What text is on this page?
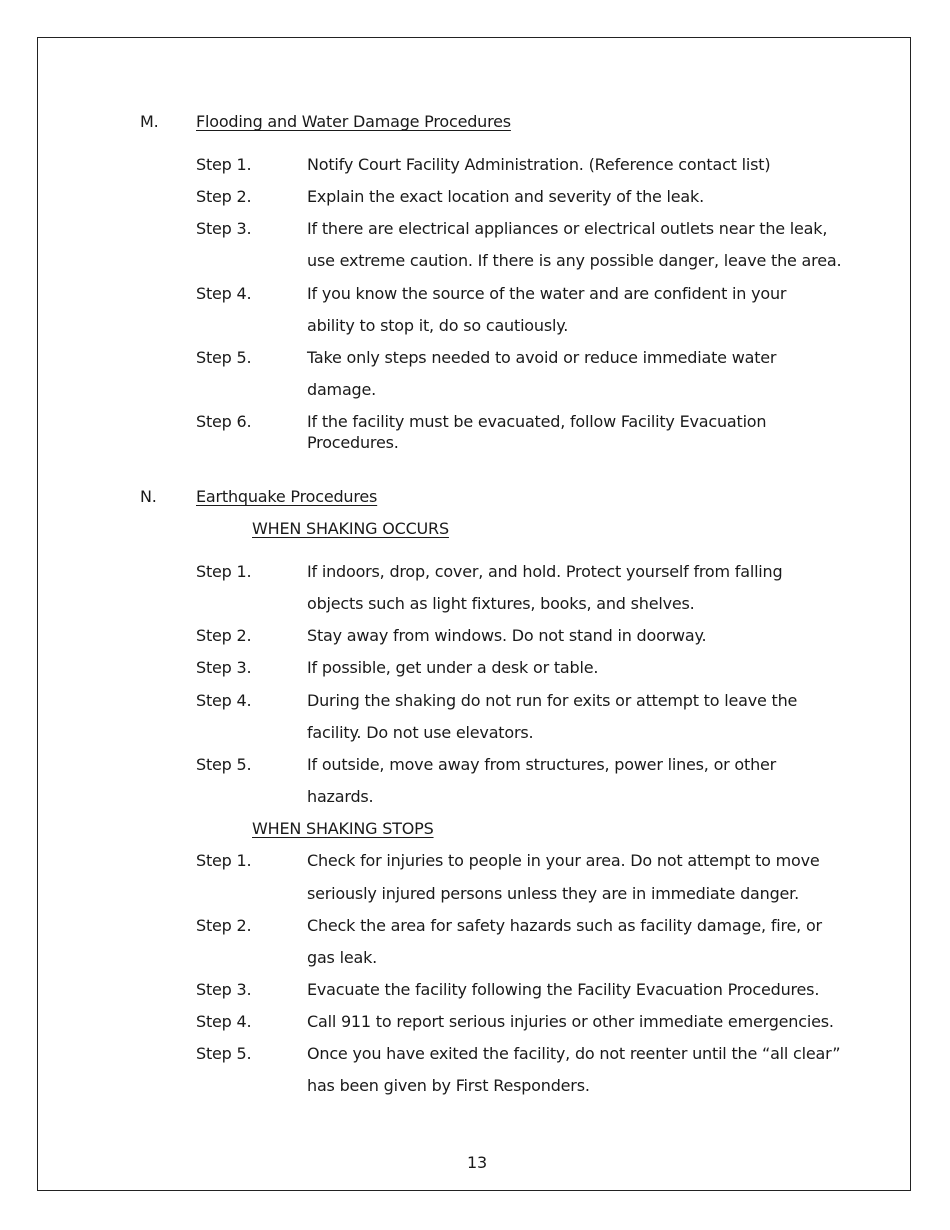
M. Flooding and Water Damage Procedures
Step 1.	Notify Court Facility Administration. (Reference contact list)
Step 2.	Explain the exact location and severity of the leak.
Step 3.	If there are electrical appliances or electrical outlets near the leak,
use extreme caution. If there is any possible danger, leave the area.
Step 4.	If you know the source of the water and are confident in your
ability to stop it, do so cautiously.
Step 5.	Take only steps needed to avoid or reduce immediate water
damage.
Step 6.	If the facility must be evacuated, follow Facility Evacuation
Procedures.
N. Earthquake Procedures
WHEN SHAKING OCCURS
Step 1.	If indoors, drop, cover, and hold. Protect yourself from falling
objects such as light fixtures, books, and shelves.
Step 2.	Stay away from windows. Do not stand in doorway.
Step 3.	If possible, get under a desk or table.
Step 4.	During the shaking do not run for exits or attempt to leave the
facility. Do not use elevators.
Step 5.	If outside, move away from structures, power lines, or other
hazards.
WHEN SHAKING STOPS
Step 1.	Check for injuries to people in your area. Do not attempt to move
seriously injured persons unless they are in immediate danger.
Step 2.	Check the area for safety hazards such as facility damage, fire, or
gas leak.
Step 3.	Evacuate the facility following the Facility Evacuation Procedures.
Step 4.	Call 911 to report serious injuries or other immediate emergencies.
Step 5.	Once you have exited the facility, do not reenter until the “all clear”
has been given by First Responders.
13
